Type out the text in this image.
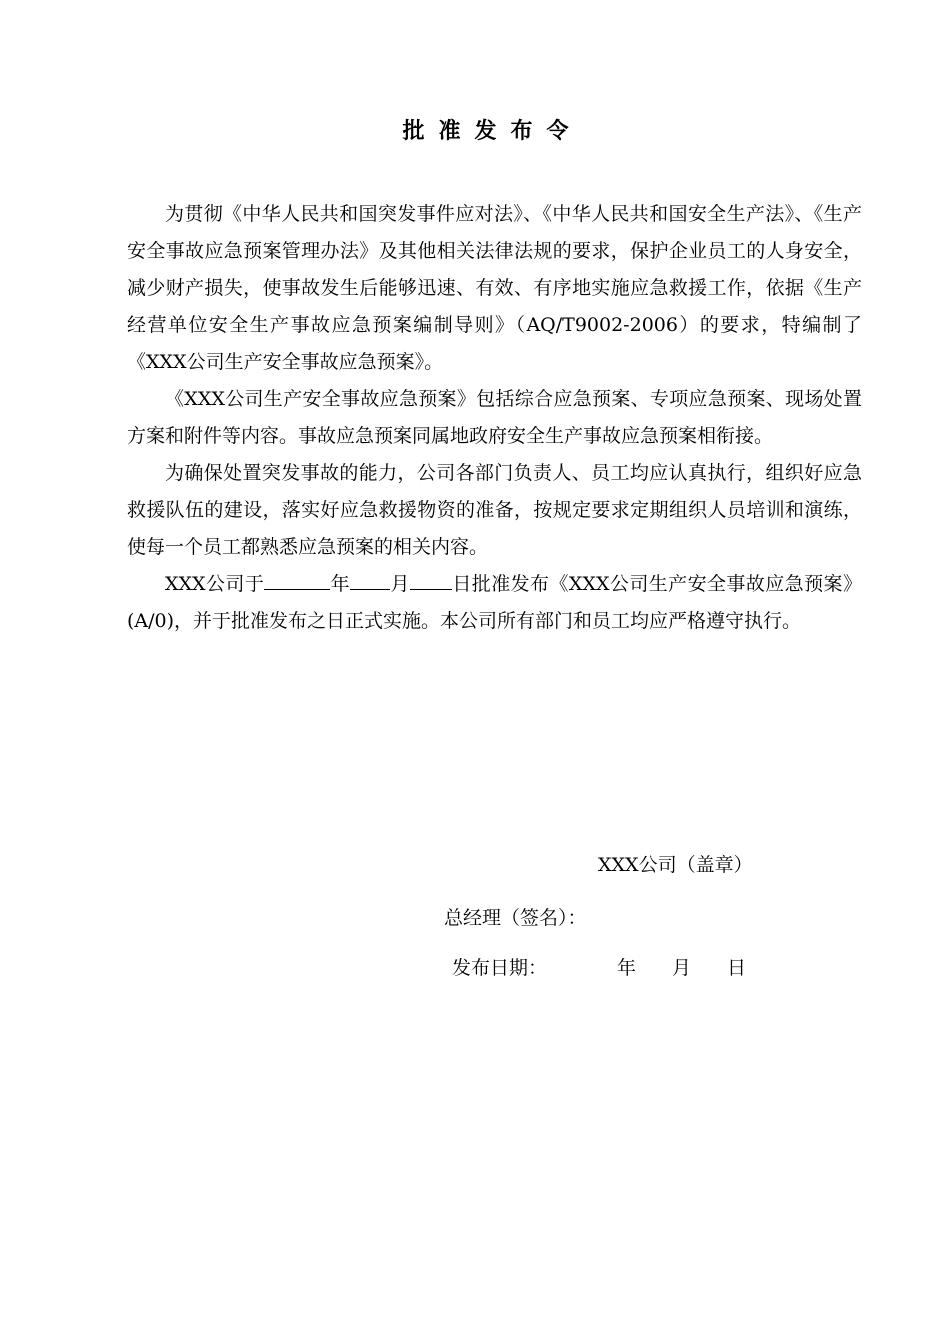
批准发布令

为贯彻《中华人民共和国突发事件应对法》、《中华人民共和国安全生产法》、《生产安全事故应急预案管理办法》及其他相关法律法规的要求，保护企业员工的人身安全，减少财产损失，使事故发生后能够迅速、有效、有序地实施应急救援工作，依据《生产经营单位安全生产事故应急预案编制导则》（AQ/T9002-2006）的要求，特编制了《XXX公司生产安全事故应急预案》。

《XXX公司生产安全事故应急预案》包括综合应急预案、专项应急预案、现场处置方案和附件等内容。事故应急预案同属地政府安全生产事故应急预案相衔接。

为确保处置突发事故的能力，公司各部门负责人、员工均应认真执行，组织好应急救援队伍的建设，落实好应急救援物资的准备，按规定要求定期组织人员培训和演练，使每一个员工都熟悉应急预案的相关内容。

XXX公司于	年 月 日批准发布《XXX公司生产安全事故应急预案》(A/0)，并于批准发布之日正式实施。本公司所有部门和员工均应严格遵守执行。

XXX公司（盖章）
总经理（签名）：
发布日期：	年 月 日
